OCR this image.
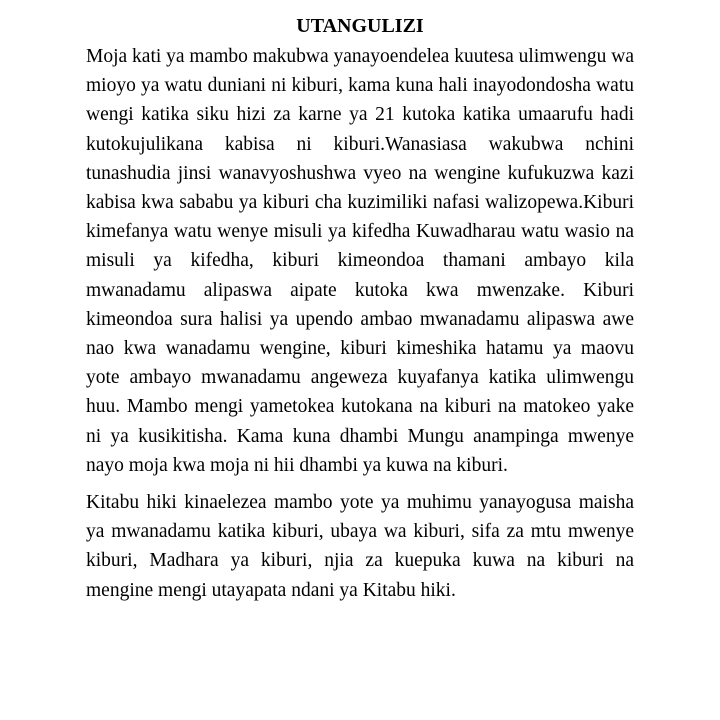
UTANGULIZI

Moja kati ya mambo makubwa yanayoendelea kuutesa ulimwengu wa mioyo ya watu duniani ni kiburi, kama kuna hali inayodondosha watu wengi katika siku hizi za karne ya 21 kutoka katika umaarufu hadi kutokujulikana kabisa ni kiburi.Wanasiasa wakubwa nchini tunashudia jinsi wanavyoshushwa vyeo na wengine kufukuzwa kazi kabisa kwa sababu ya kiburi cha kuzimiliki nafasi walizopewa.Kiburi kimefanya watu wenye misuli ya kifedha Kuwadharau watu wasio na misuli ya kifedha, kiburi kimeondoa thamani ambayo kila mwanadamu alipaswa aipate kutoka kwa mwenzake. Kiburi kimeondoa sura halisi ya upendo ambao mwanadamu alipaswa awe nao kwa wanadamu wengine, kiburi kimeshika hatamu ya maovu yote ambayo mwanadamu angeweza kuyafanya katika ulimwengu huu. Mambo mengi yametokea kutokana na kiburi na matokeo yake ni ya kusikitisha. Kama kuna dhambi Mungu anampinga mwenye nayo moja kwa moja ni hii dhambi ya kuwa na kiburi.

Kitabu hiki kinaelezea mambo yote ya muhimu yanayogusa maisha ya mwanadamu katika kiburi, ubaya wa kiburi, sifa za mtu mwenye kiburi, Madhara ya kiburi, njia za kuepuka kuwa na kiburi na mengine mengi utayapata ndani ya Kitabu hiki.
